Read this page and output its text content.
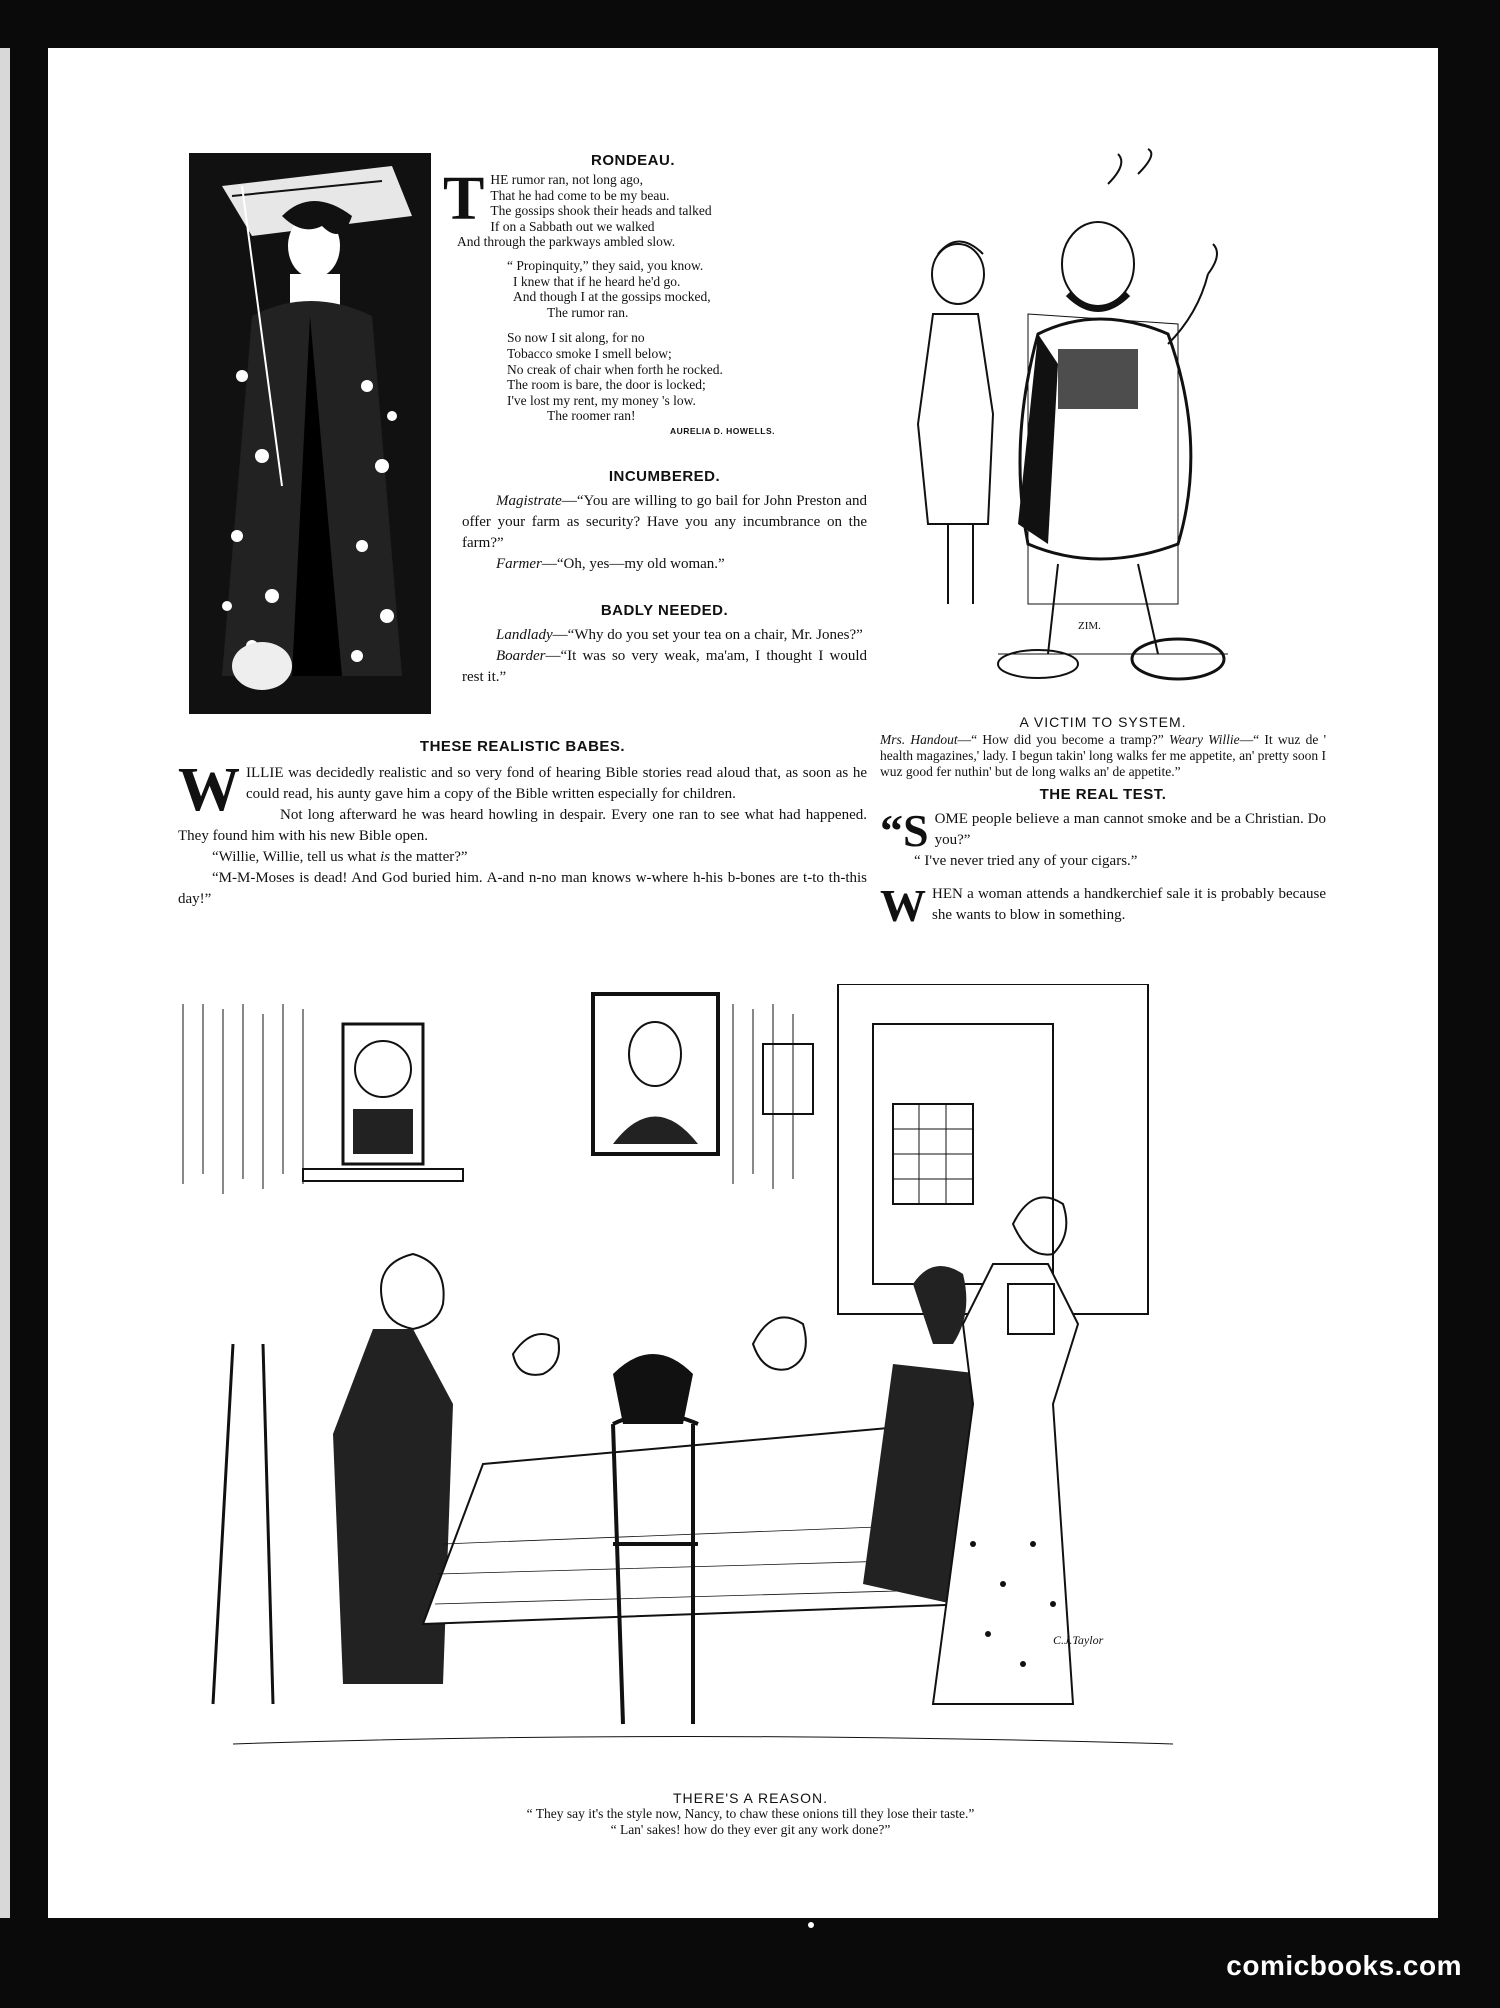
RONDEAU.
T HE rumor ran, not long ago,
That he had come to be my beau.
The gossips shook their heads and talked
If on a Sabbath out we walked
And through the parkways ambled slow.
“ Propinquity,” they said, you know.
I knew that if he heard he'd go.
And though I at the gossips mocked,
The rumor ran.
So now I sit along, for no
Tobacco smoke I smell below;
No creak of chair when forth he rocked.
The room is bare, the door is locked;
I've lost my rent, my money 's low.
The roomer ran!
AURELIA D. HOWELLS.
INCUMBERED.

Magistrate—“You are willing to go bail for John Preston and offer your farm as security? Have you any incumbrance on the farm?”

Farmer—“Oh, yes—my old woman.”

BADLY NEEDED.

Landlady—“Why do you set your tea on a chair, Mr. Jones?”

Boarder—“It was so very weak, ma'am, I thought I would rest it.”

THESE REALISTIC BABES.

WILLIE was decidedly realistic and so very fond of hearing Bible stories read aloud that, as soon as he could read, his aunty gave him a copy of the Bible written especially for children.

Not long afterward he was heard howling in despair. Every one ran to see what had happened. They found him with his new Bible open.

“Willie, Willie, tell us what is the matter?”

“M-M-Moses is dead! And God buried him. A-and n-no man knows w-where h-his b-bones are t-to th-this day!”

ZIM.
A VICTIM TO SYSTEM.
Mrs. Handout—“ How did you become a tramp?” Weary Willie—“ It wuz de ' health magazines,' lady. I begun takin' long walks fer me appetite, an' pretty soon I wuz good fer nuthin' but de long walks an' de appetite.”
THE REAL TEST.

“SOME people believe a man cannot smoke and be a Christian. Do you?”

“ I've never tried any of your cigars.”

WHEN a woman attends a handkerchief sale it is probably because she wants to blow in something.

C.J.Taylor
THERE'S A REASON.
“ They say it's the style now, Nancy, to chaw these onions till they lose their taste.”
“ Lan' sakes! how do they ever git any work done?”
comicbooks.com
